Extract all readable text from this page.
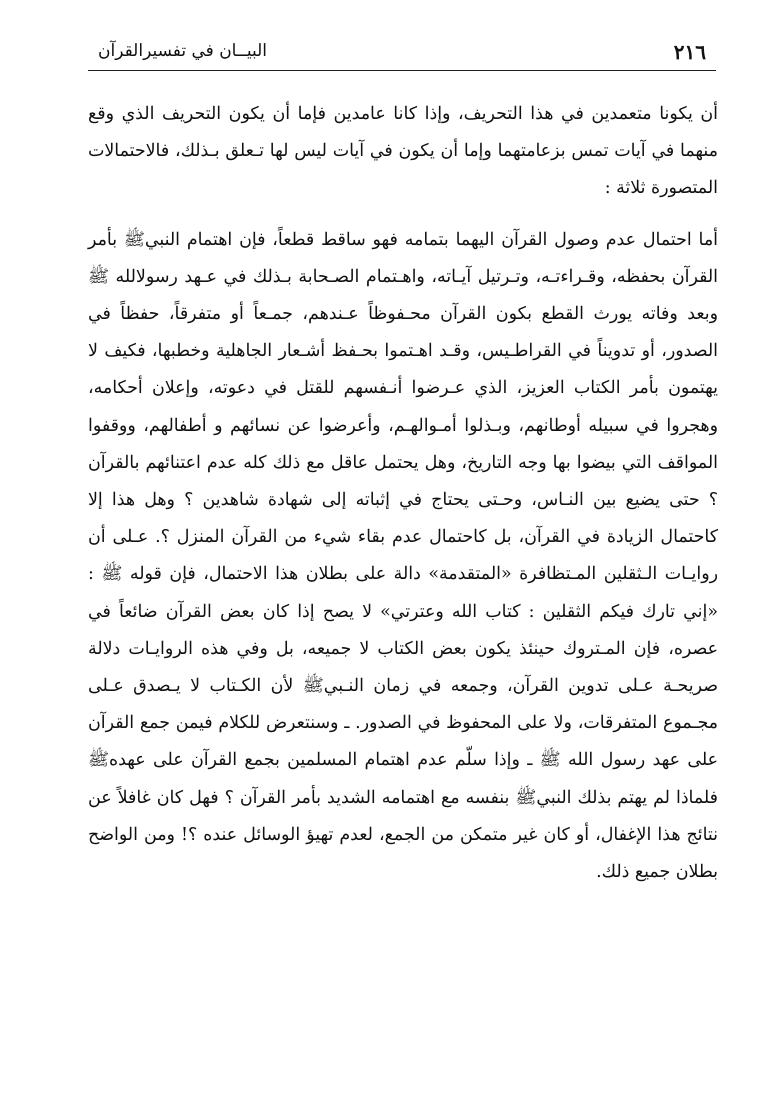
٢١٦
البيــان في تفسيرالقرآن

أن يكونا متعمدين في هذا التحريف، وإذا كانا عامدين فإما أن يكون التحريف الذي وقع منهما في آيات تمس بزعامتهما وإما أن يكون في آيات ليس لها تـعلق بـذلك، فالاحتمالات المتصورة ثلاثة :

أما احتمال عدم وصول القرآن اليهما بتمامه فهو ساقط قطعاً، فإن اهتمام النبيﷺ بأمر القرآن بحفظه، وقـراءتـه، وتـرتيل آيـاته، واهـتمام الصـحابة بـذلك في عـهد رسولالله ﷺ وبعد وفاته يورث القطع بكون القرآن محـفوظاً عـندهم، جمـعاً أو متفرقاً، حفظاً في الصدور، أو تدويناً في القراطـيس، وقـد اهـتموا بحـفظ أشـعار الجاهلية وخطبها، فكيف لا يهتمون بأمر الكتاب العزيز، الذي عـرضوا أنـفسهم للقتل في دعوته، وإعلان أحكامه، وهجروا في سبيله أوطانهم، وبـذلوا أمـوالهـم، وأعرضوا عن نسائهم و أطفالهم، ووقفوا المواقف التي بيضوا بها وجه التاريخ، وهل يحتمل عاقل مع ذلك كله عدم اعتنائهم بالقرآن ؟ حتى يضيع بين النـاس، وحـتى يحتاج في إثباته إلى شهادة شاهدين ؟ وهل هذا إلا كاحتمال الزيادة في القرآن، بل كاحتمال عدم بقاء شيء من القرآن المنزل ؟. عـلى أن روايـات الـثقلين المـتظافرة «المتقدمة» دالة على بطلان هذا الاحتمال، فإن قوله ﷺ : «إني تارك فيكم الثقلين : كتاب الله وعترتي» لا يصح إذا كان بعض القرآن ضائعاً في عصره، فإن المـتروك حينئذ يكون بعض الكتاب لا جميعه، بل وفي هذه الروايـات دلالة صريحـة عـلى تدوين القرآن، وجمعه في زمان النـبيﷺ لأن الكـتاب لا يـصدق عـلى مجـموع المتفرقات، ولا على المحفوظ في الصدور. ـ وسنتعرض للكلام فيمن جمع القرآن على عهد رسول الله ﷺ ـ وإذا سلّم عدم اهتمام المسلمين بجمع القرآن على عهدهﷺ فلماذا لم يهتم بذلك النبيﷺ بنفسه مع اهتمامه الشديد بأمر القرآن ؟ فهل كان غافلاً عن نتائج هذا الإغفال، أو كان غير متمكن من الجمع، لعدم تهيؤ الوسائل عنده ؟! ومن الواضح بطلان جميع ذلك.
